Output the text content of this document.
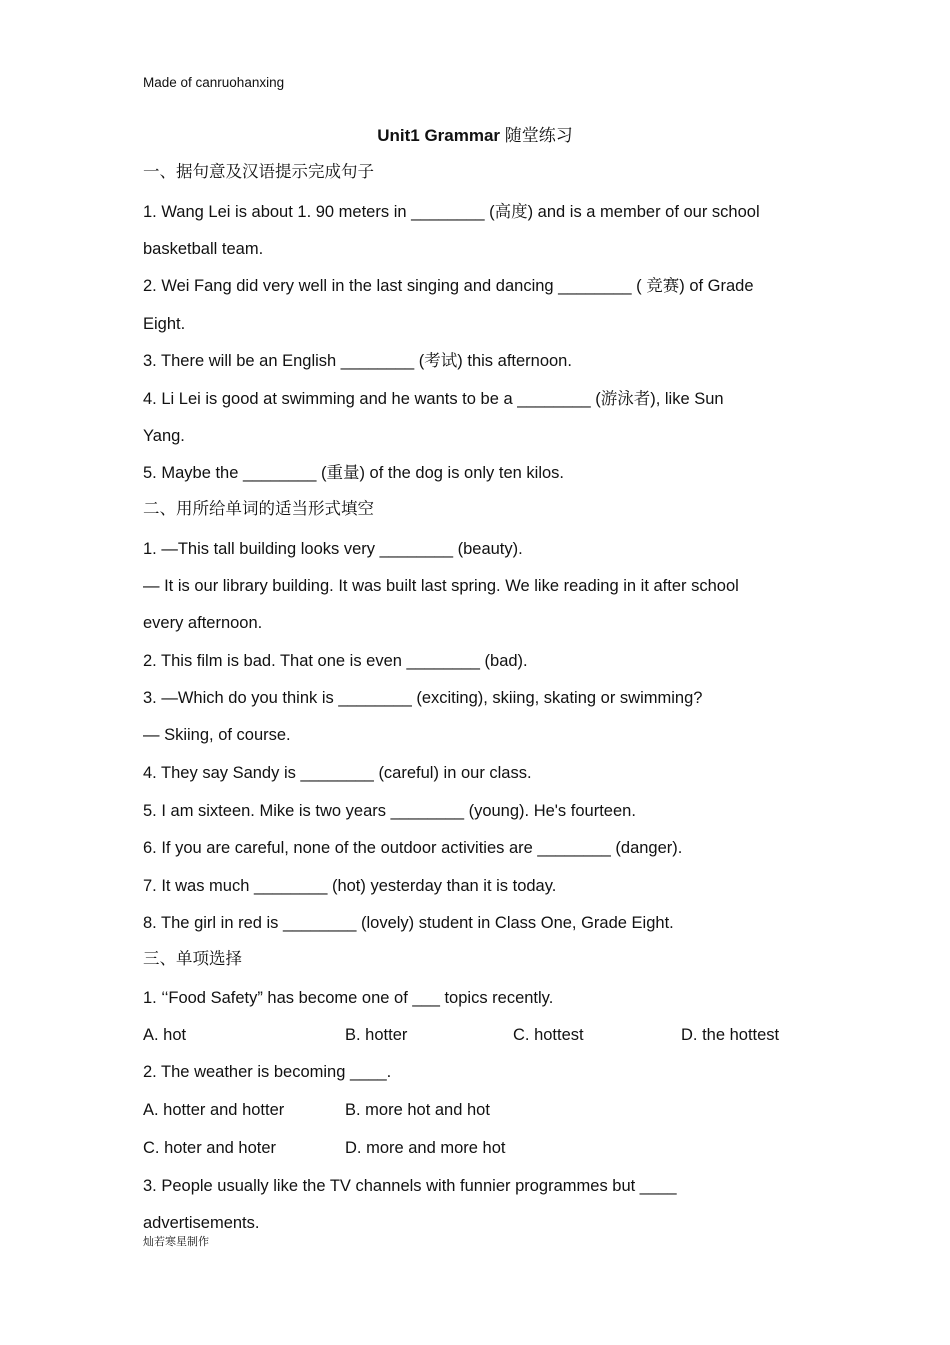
Made of canruohanxing
Unit1 Grammar 随堂练习
一、据句意及汉语提示完成句子
1. Wang Lei is about 1. 90 meters in ________ (高度) and is a member of our school
basketball team.
2. Wei Fang did very well in the last singing and dancing ________ ( 竞赛) of Grade
Eight.
3. There will be an English ________ (考试) this afternoon.
4. Li Lei is good at swimming and he wants to be a ________ (游泳者), like Sun
Yang.
5. Maybe the ________ (重量) of the dog is only ten kilos.
二、用所给单词的适当形式填空
1. —This tall building looks very ________ (beauty).
— It is our library building. It was built last spring. We like reading in it after school
every afternoon.
2. This film is bad. That one is even ________ (bad).
3. —Which do you think is ________ (exciting), skiing, skating or swimming?
— Skiing, of course.
4. They say Sandy is ________ (careful) in our class.
5. I am sixteen. Mike is two years ________ (young). He's fourteen.
6. If you are careful, none of the outdoor activities are ________ (danger).
7. It was much ________ (hot) yesterday than it is today.
8. The girl in red is ________ (lovely) student in Class One, Grade Eight.
三、单项选择
1. ‘‘Food Safety” has become one of ___ topics recently.
A. hot	B. hotter	C. hottest	D. the hottest
2. The weather is becoming ____.
A. hotter and hotter	B. more hot and hot
C. hoter and hoter	D. more and more hot
3. People usually like the TV channels with funnier programmes but ____
advertisements.
灿若寒星制作
